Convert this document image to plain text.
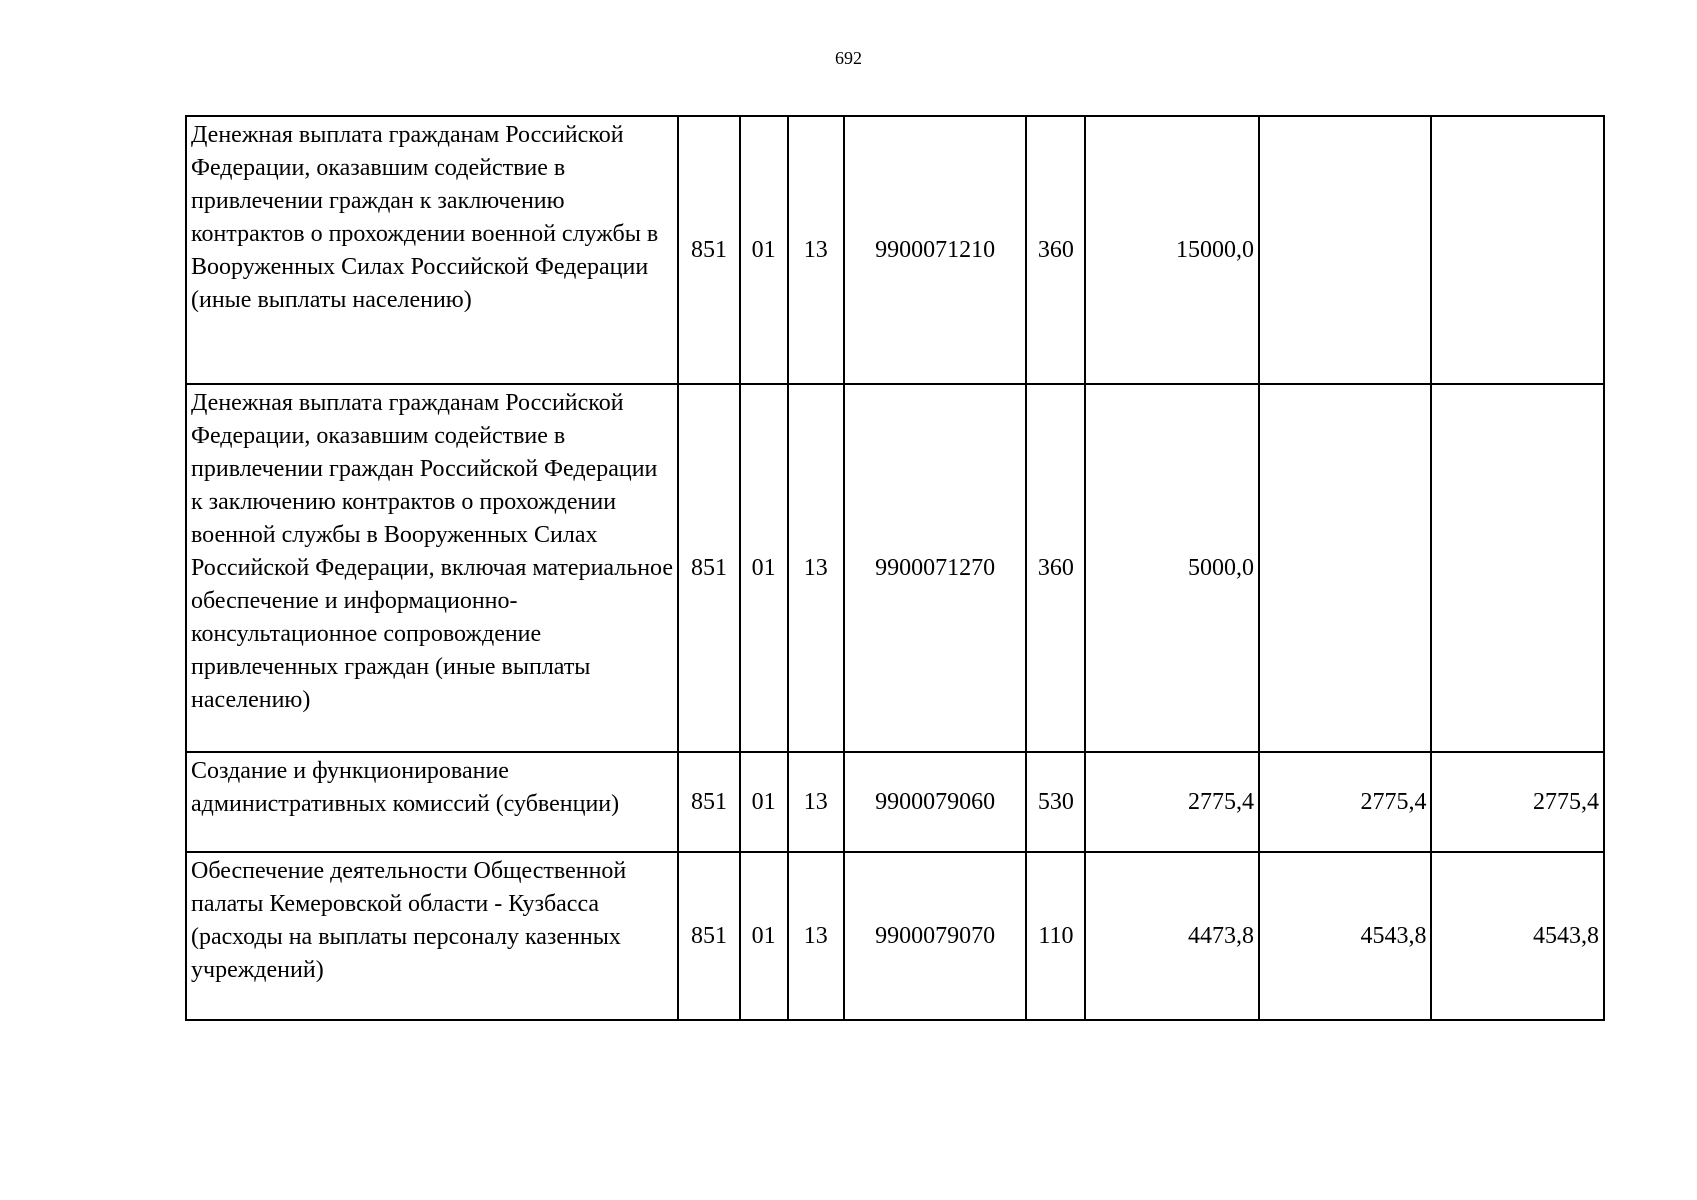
692
Денежная выплата гражданам Российской Федерации, оказавшим содействие в привлечении граждан к заключению контрактов о прохождении военной службы в Вооруженных Силах Российской Федерации (иные выплаты населению)	851	01	13	9900071210	360	15000,0		
Денежная выплата гражданам Российской Федерации, оказавшим содействие в привлечении граждан Российской Федерации к заключению контрактов о прохождении военной службы в Вооруженных Силах Российской Федерации, включая материальное обеспечение и информационно-консультационное сопровождение привлеченных граждан (иные выплаты населению)	851	01	13	9900071270	360	5000,0		
Создание и функционирование административных комиссий (субвенции)	851	01	13	9900079060	530	2775,4	2775,4	2775,4
Обеспечение деятельности Общественной палаты Кемеровской области - Кузбасса (расходы на выплаты персоналу казенных учреждений)	851	01	13	9900079070	110	4473,8	4543,8	4543,8
